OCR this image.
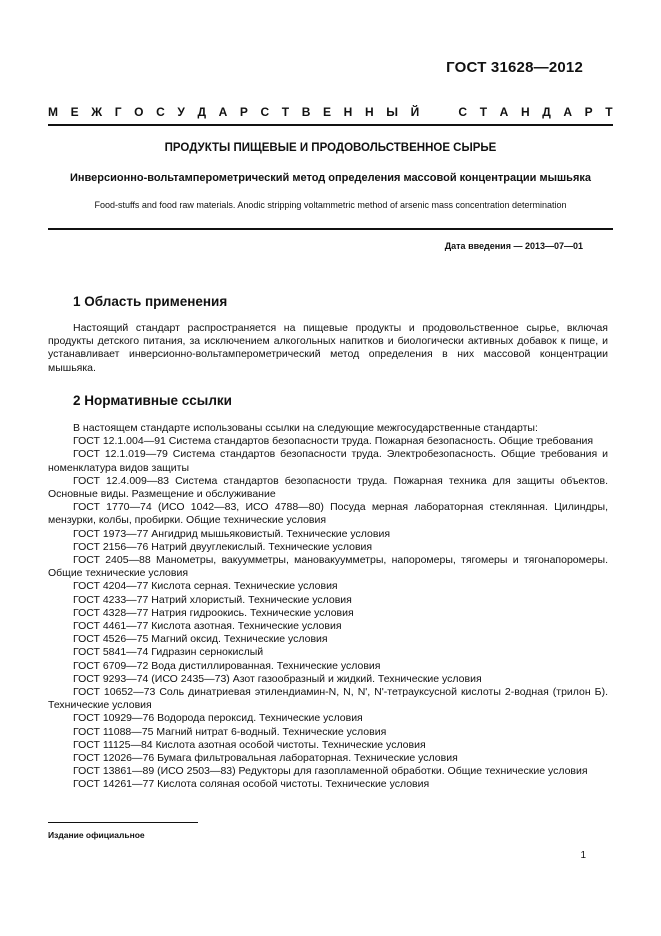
ГОСТ 31628—2012
М Е Ж Г О С У Д А Р С Т В Е Н Н Ы Й	С Т А Н Д А Р Т
ПРОДУКТЫ ПИЩЕВЫЕ И ПРОДОВОЛЬСТВЕННОЕ СЫРЬЕ
Инверсионно-вольтамперометрический метод определения массовой концентрации мышьяка
Food-stuffs and food raw materials. Anodic stripping voltammetric method of arsenic mass concentration determination
Дата введения — 2013—07—01
1 Область применения

Настоящий стандарт распространяется на пищевые продукты и продовольственное сырье, включая продукты детского питания, за исключением алкогольных напитков и биологически активных добавок к пище, и устанавливает инверсионно-вольтамперометрический метод определения в них массовой концентрации мышьяка.

2 Нормативные ссылки

В настоящем стандарте использованы ссылки на следующие межгосударственные стандарты:

ГОСТ 12.1.004—91 Система стандартов безопасности труда. Пожарная безопасность. Общие требования

ГОСТ 12.1.019—79 Система стандартов безопасности труда. Электробезопасность. Общие требования и номенклатура видов защиты

ГОСТ 12.4.009—83 Система стандартов безопасности труда. Пожарная техника для защиты объектов. Основные виды. Размещение и обслуживание

ГОСТ 1770—74 (ИСО 1042—83, ИСО 4788—80) Посуда мерная лабораторная стеклянная. Цилиндры, мензурки, колбы, пробирки. Общие технические условия

ГОСТ 1973—77 Ангидрид мышьяковистый. Технические условия

ГОСТ 2156—76 Натрий двууглекислый. Технические условия

ГОСТ 2405—88 Манометры, вакуумметры, мановакуумметры, напоромеры, тягомеры и тягонапоромеры. Общие технические условия

ГОСТ 4204—77 Кислота серная. Технические условия

ГОСТ 4233—77 Натрий хлористый. Технические условия

ГОСТ 4328—77 Натрия гидроокись. Технические условия

ГОСТ 4461—77 Кислота азотная. Технические условия

ГОСТ 4526—75 Магний оксид. Технические условия

ГОСТ 5841—74 Гидразин сернокислый

ГОСТ 6709—72 Вода дистиллированная. Технические условия

ГОСТ 9293—74 (ИСО 2435—73) Азот газообразный и жидкий. Технические условия

ГОСТ 10652—73 Соль динатриевая этилендиамин-N, N, N', N'-тетрауксусной кислоты 2-водная (трилон Б). Технические условия

ГОСТ 10929—76 Водорода пероксид. Технические условия

ГОСТ 11088—75 Магний нитрат 6-водный. Технические условия

ГОСТ 11125—84 Кислота азотная особой чистоты. Технические условия

ГОСТ 12026—76 Бумага фильтровальная лабораторная. Технические условия

ГОСТ 13861—89 (ИСО 2503—83) Редукторы для газопламенной обработки. Общие технические условия

ГОСТ 14261—77 Кислота соляная особой чистоты. Технические условия

Издание официальное
1
